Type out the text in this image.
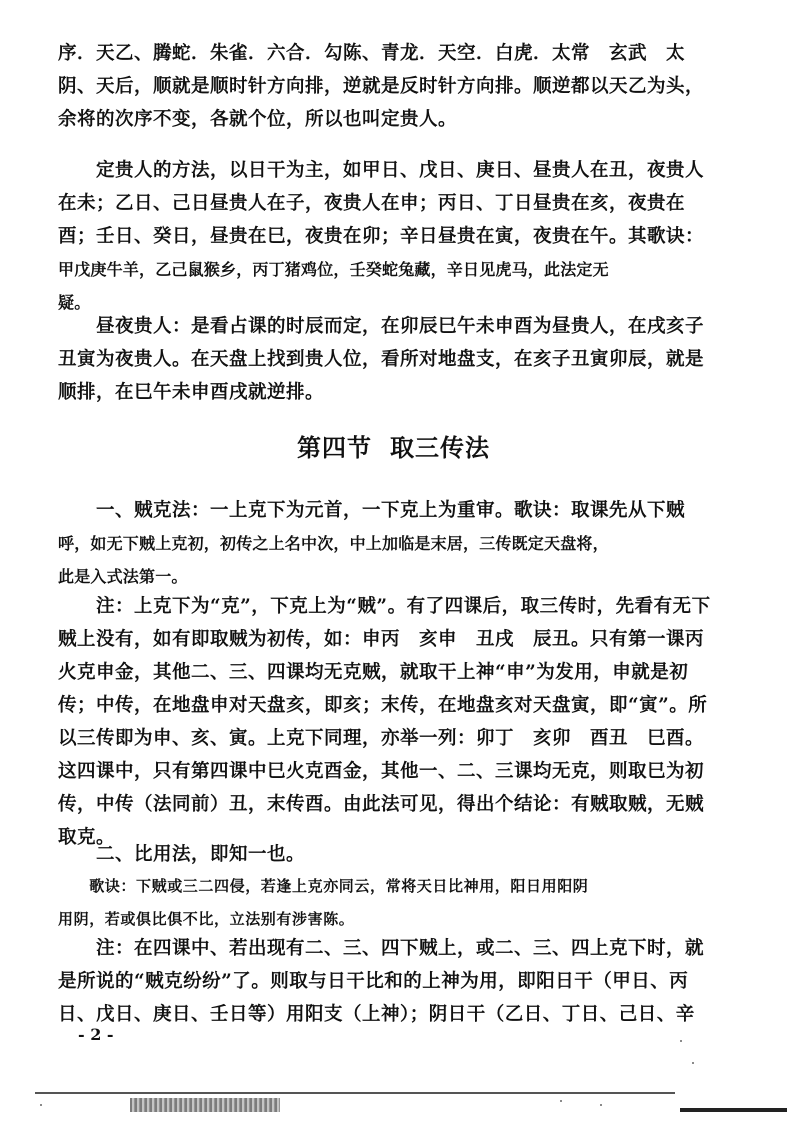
序．天乙、腾蛇．朱雀．六合．勾陈、青龙．天空．白虎．太常　玄武　太
阴、天后，顺就是顺时针方向排，逆就是反时针方向排。顺逆都以天乙为头，
余将的次序不变，各就个位，所以也叫定贵人。
　　定贵人的方法，以日干为主，如甲日、戊日、庚日、昼贵人在丑，夜贵人
在未；乙日、己日昼贵人在子，夜贵人在申；丙日、丁日昼贵在亥，夜贵在
酉；壬日、癸日，昼贵在巳，夜贵在卯；辛日昼贵在寅，夜贵在午。其歌诀：
甲戊庚牛羊，乙己鼠猴乡，丙丁猪鸡位，壬癸蛇兔藏，辛日见虎马，此法定无
疑。
　　昼夜贵人：是看占课的时辰而定，在卯辰巳午未申酉为昼贵人，在戌亥子
丑寅为夜贵人。在天盘上找到贵人位，看所对地盘支，在亥子丑寅卯辰，就是
顺排，在巳午未申酉戌就逆排。
第四节 取三传法
　　一、贼克法：一上克下为元首，一下克上为重审。歌诀：取课先从下贼
呼，如无下贼上克初，初传之上名中次，中上加临是末居，三传既定天盘将，
此是入式法第一。
　　注：上克下为“克”，下克上为“贼”。有了四课后，取三传时，先看有无下
贼上没有，如有即取贼为初传，如：申丙　亥申　丑戌　辰丑。只有第一课丙
火克申金，其他二、三、四课均无克贼，就取干上神“申”为发用，申就是初
传；中传，在地盘申对天盘亥，即亥；末传，在地盘亥对天盘寅，即“寅”。所
以三传即为申、亥、寅。上克下同理，亦举一列：卯丁　亥卯　酉丑　巳酉。
这四课中，只有第四课中巳火克酉金，其他一、二、三课均无克，则取巳为初
传，中传（法同前）丑，末传酉。由此法可见，得出个结论：有贼取贼，无贼
取克。
　　二、比用法，即知一也。
　　歌诀：下贼或三二四侵，若逢上克亦同云，常将天日比神用，阳日用阳阴
用阴，若或俱比俱不比，立法别有涉害陈。
　　注：在四课中、若出现有二、三、四下贼上，或二、三、四上克下时，就
是所说的“贼克纷纷”了。则取与日干比和的上神为用，即阳日干（甲日、丙
日、戊日、庚日、壬日等）用阳支（上神）；阴日干（乙日、丁日、己日、辛
- 2 -
